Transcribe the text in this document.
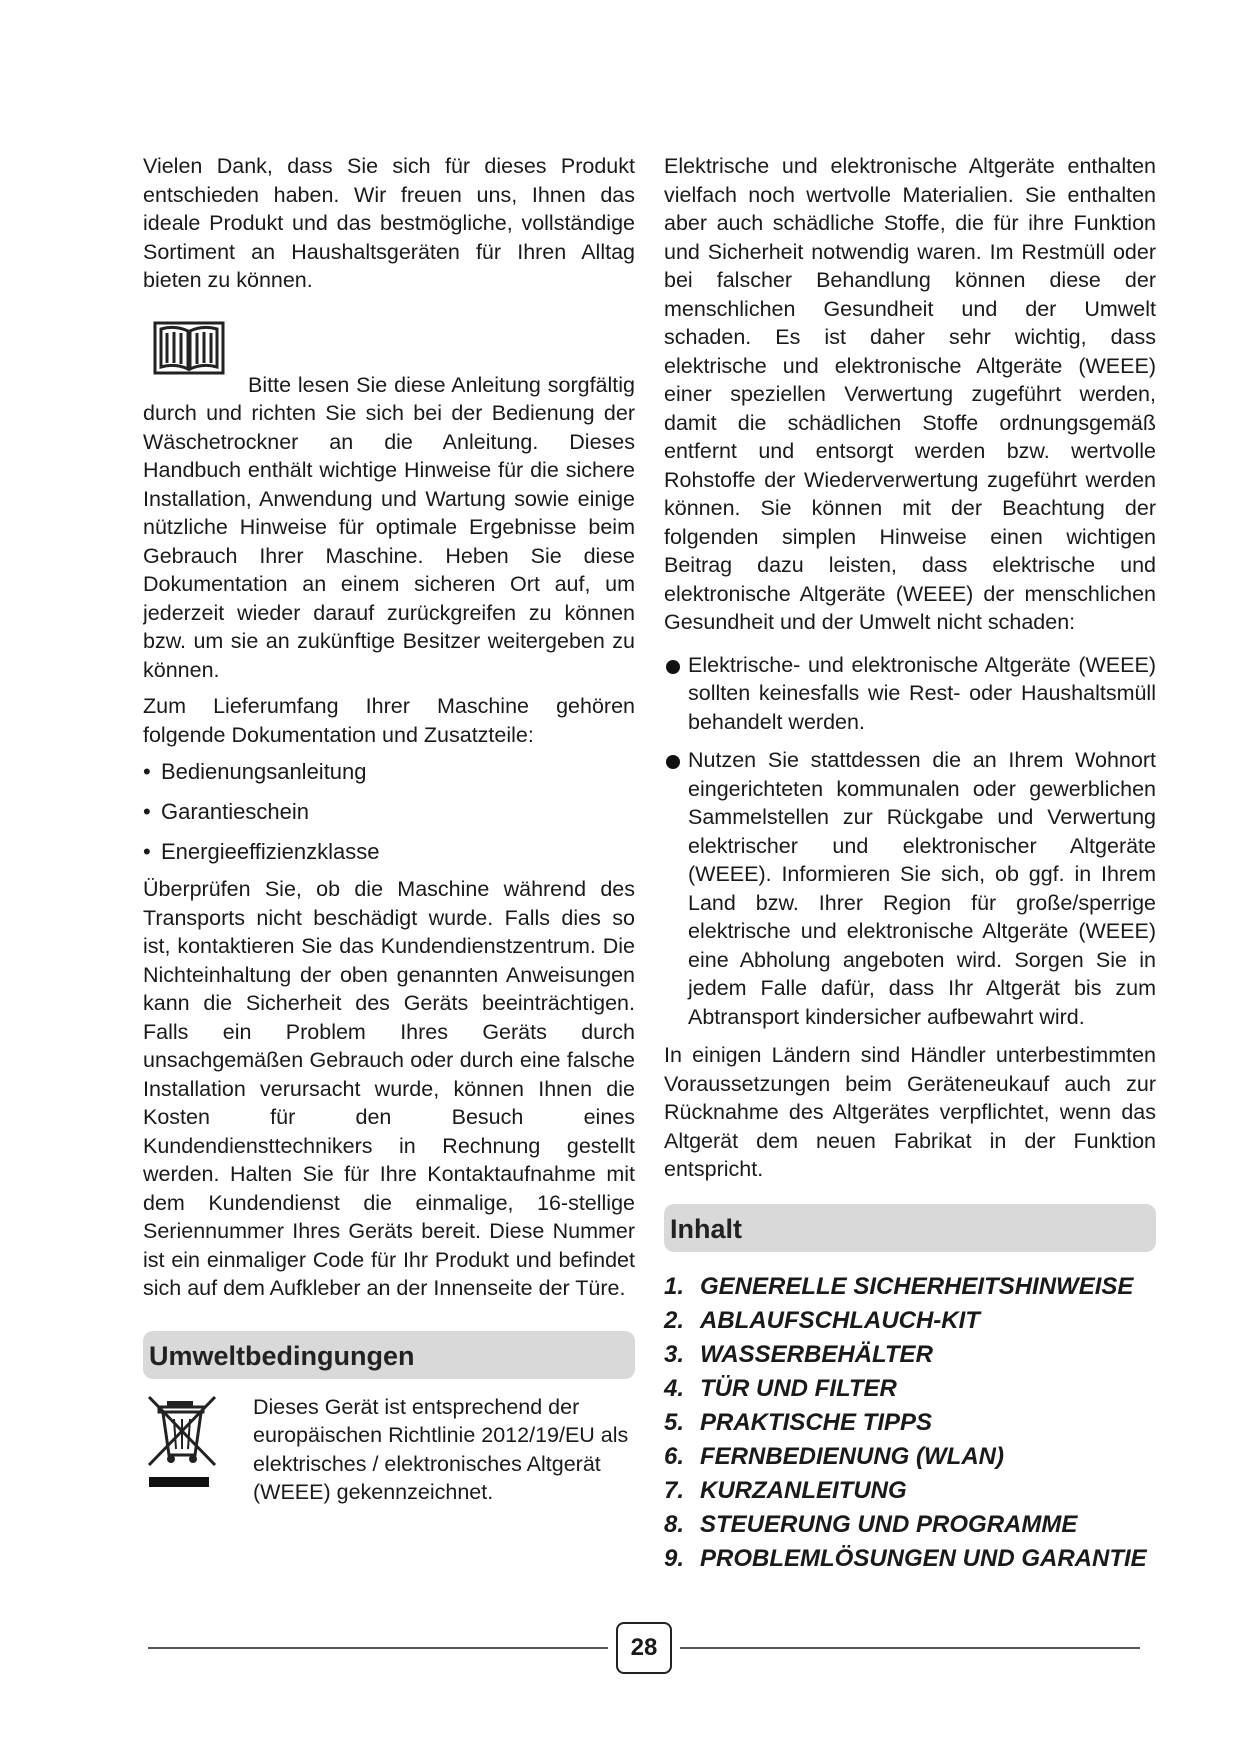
Vielen Dank, dass Sie sich für dieses Produkt entschieden haben. Wir freuen uns, Ihnen das ideale Produkt und das bestmögliche, vollständige Sortiment an Haushaltsgeräten für Ihren Alltag bieten zu können.

Bitte lesen Sie diese Anleitung sorgfältig durch und richten Sie sich bei der Bedienung der Wäschetrockner an die Anleitung. Dieses Handbuch enthält wichtige Hinweise für die sichere Installation, Anwendung und Wartung sowie einige nützliche Hinweise für optimale Ergebnisse beim Gebrauch Ihrer Maschine. Heben Sie diese Dokumentation an einem sicheren Ort auf, um jederzeit wieder darauf zurückgreifen zu können bzw. um sie an zukünftige Besitzer weitergeben zu können.

Zum Lieferumfang Ihrer Maschine gehören folgende Dokumentation und Zusatzteile:

• Bedienungsanleitung
• Garantieschein
• Energieeffizienzklasse

Überprüfen Sie, ob die Maschine während des Transports nicht beschädigt wurde. Falls dies so ist, kontaktieren Sie das Kundendienstzentrum. Die Nichteinhaltung der oben genannten Anweisungen kann die Sicherheit des Geräts beeinträchtigen. Falls ein Problem Ihres Geräts durch unsachgemäßen Gebrauch oder durch eine falsche Installation verursacht wurde, können Ihnen die Kosten für den Besuch eines Kundendiensttechnikers in Rechnung gestellt werden. Halten Sie für Ihre Kontaktaufnahme mit dem Kundendienst die einmalige, 16-stellige Seriennummer Ihres Geräts bereit. Diese Nummer ist ein einmaliger Code für Ihr Produkt und befindet sich auf dem Aufkleber an der Innenseite der Türe.

Umweltbedingungen
Dieses Gerät ist entsprechend der europäischen Richtlinie 2012/19/EU als elektrisches / elektronisches Altgerät (WEEE) gekennzeichnet.

Elektrische und elektronische Altgeräte enthalten vielfach noch wertvolle Materialien. Sie enthalten aber auch schädliche Stoffe, die für ihre Funktion und Sicherheit notwendig waren. Im Restmüll oder bei falscher Behandlung können diese der menschlichen Gesundheit und der Umwelt schaden. Es ist daher sehr wichtig, dass elektrische und elektronische Altgeräte (WEEE) einer speziellen Verwertung zugeführt werden, damit die schädlichen Stoffe ordnungsgemäß entfernt und entsorgt werden bzw. wertvolle Rohstoffe der Wiederverwertung zugeführt werden können. Sie können mit der Beachtung der folgenden simplen Hinweise einen wichtigen Beitrag dazu leisten, dass elektrische und elektronische Altgeräte (WEEE) der menschlichen Gesundheit und der Umwelt nicht schaden:

Elektrische- und elektronische Altgeräte (WEEE) sollten keinesfalls wie Rest- oder Haushaltsmüll behandelt werden.
Nutzen Sie stattdessen die an Ihrem Wohnort eingerichteten kommunalen oder gewerblichen Sammelstellen zur Rückgabe und Verwertung elektrischer und elektronischer Altgeräte (WEEE). Informieren Sie sich, ob ggf. in Ihrem Land bzw. Ihrer Region für große/sperrige elektrische und elektronische Altgeräte (WEEE) eine Abholung angeboten wird. Sorgen Sie in jedem Falle dafür, dass Ihr Altgerät bis zum Abtransport kindersicher aufbewahrt wird.

In einigen Ländern sind Händler unterbestimmten Voraussetzungen beim Geräteneukauf auch zur Rücknahme des Altgerätes verpflichtet, wenn das Altgerät dem neuen Fabrikat in der Funktion entspricht.

Inhalt
1. GENERELLE SICHERHEITSHINWEISE
2. ABLAUFSCHLAUCH-KIT
3. WASSERBEHÄLTER
4. TÜR UND FILTER
5. PRAKTISCHE TIPPS
6. FERNBEDIENUNG (WLAN)
7. KURZANLEITUNG
8. STEUERUNG UND PROGRAMME
9. PROBLEMLÖSUNGEN UND GARANTIE
28
